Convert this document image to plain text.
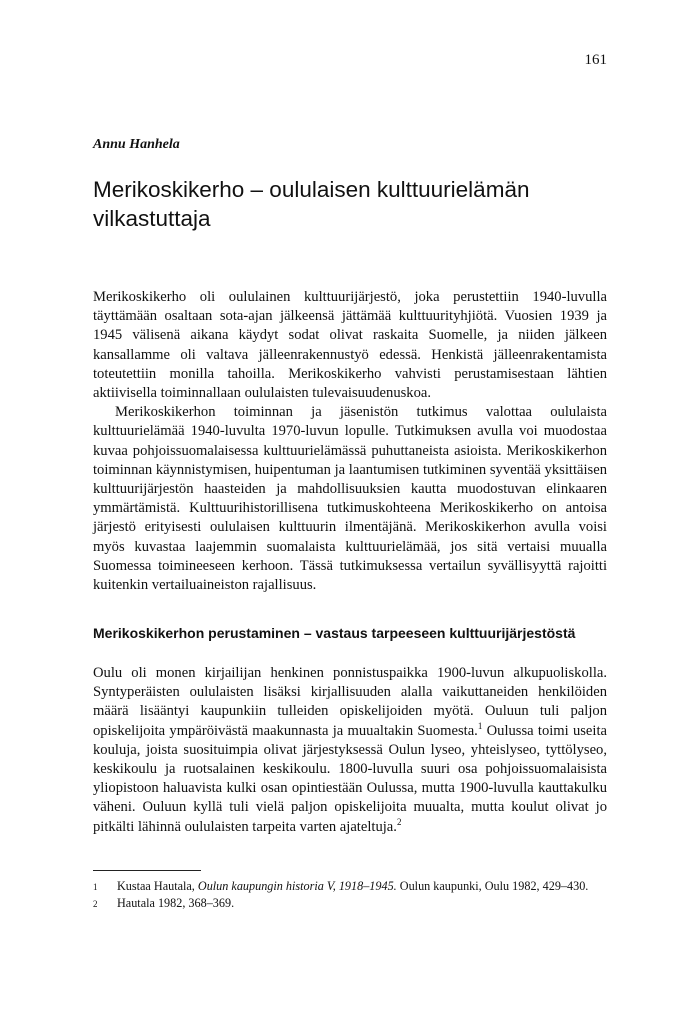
161
Annu Hanhela
Merikoskikerho – oululaisen kulttuurielämän vilkastuttaja

Merikoskikerho oli oululainen kulttuurijärjestö, joka perustettiin 1940-luvulla täyttämään osaltaan sota-ajan jälkeensä jättämää kulttuurityhjiötä. Vuosien 1939 ja 1945 välisenä aikana käydyt sodat olivat raskaita Suomelle, ja niiden jälkeen kansallamme oli valtava jälleenrakennustyö edessä. Henkistä jälleenrakentamista toteutettiin monilla tahoilla. Merikoskikerho vahvisti perustamisestaan lähtien aktiivisella toiminnallaan oululaisten tulevaisuudenuskoa.

Merikoskikerhon toiminnan ja jäsenistön tutkimus valottaa oululaista kulttuurielämää 1940-luvulta 1970-luvun lopulle. Tutkimuksen avulla voi muodostaa kuvaa pohjoissuomalaisessa kulttuurielämässä puhuttaneista asioista. Merikoskikerhon toiminnan käynnistymisen, huipentuman ja laantumisen tutkiminen syventää yksittäisen kulttuurijärjestön haasteiden ja mahdollisuuksien kautta muodostuvan elinkaaren ymmärtämistä. Kulttuurihistorillisena tutkimuskohteena Merikoskikerho on antoisa järjestö erityisesti oululaisen kulttuurin ilmentäjänä. Merikoskikerhon avulla voisi myös kuvastaa laajemmin suomalaista kulttuurielämää, jos sitä vertaisi muualla Suomessa toimineeseen kerhoon. Tässä tutkimuksessa vertailun syvällisyyttä rajoitti kuitenkin vertailuaineiston rajallisuus.

Merikoskikerhon perustaminen – vastaus tarpeeseen kulttuurijärjestöstä

Oulu oli monen kirjailijan henkinen ponnistuspaikka 1900-luvun alkupuoliskolla. Syntyperäisten oululaisten lisäksi kirjallisuuden alalla vaikuttaneiden henkilöiden määrä lisääntyi kaupunkiin tulleiden opiskelijoiden myötä. Ouluun tuli paljon opiskelijoita ympäröivästä maakunnasta ja muualtakin Suomesta.$^1$ Oulussa toimi useita kouluja, joista suosituimpia olivat järjestyksessä Oulun lyseo, yhteislyseo, tyttölyseo, keskikoulu ja ruotsalainen keskikoulu. 1800-luvulla suuri osa pohjoissuomalaisista yliopistoon haluavista kulki osan opintiestään Oulussa, mutta 1900-luvulla kauttakulku väheni. Ouluun kyllä tuli vielä paljon opiskelijoita muualta, mutta koulut olivat jo pitkälti lähinnä oululaisten tarpeita varten ajateltuja.$^2$

1	Kustaa Hautala, Oulun kaupungin historia V, 1918–1945. Oulun kaupunki, Oulu 1982, 429–430.
2	Hautala 1982, 368–369.
